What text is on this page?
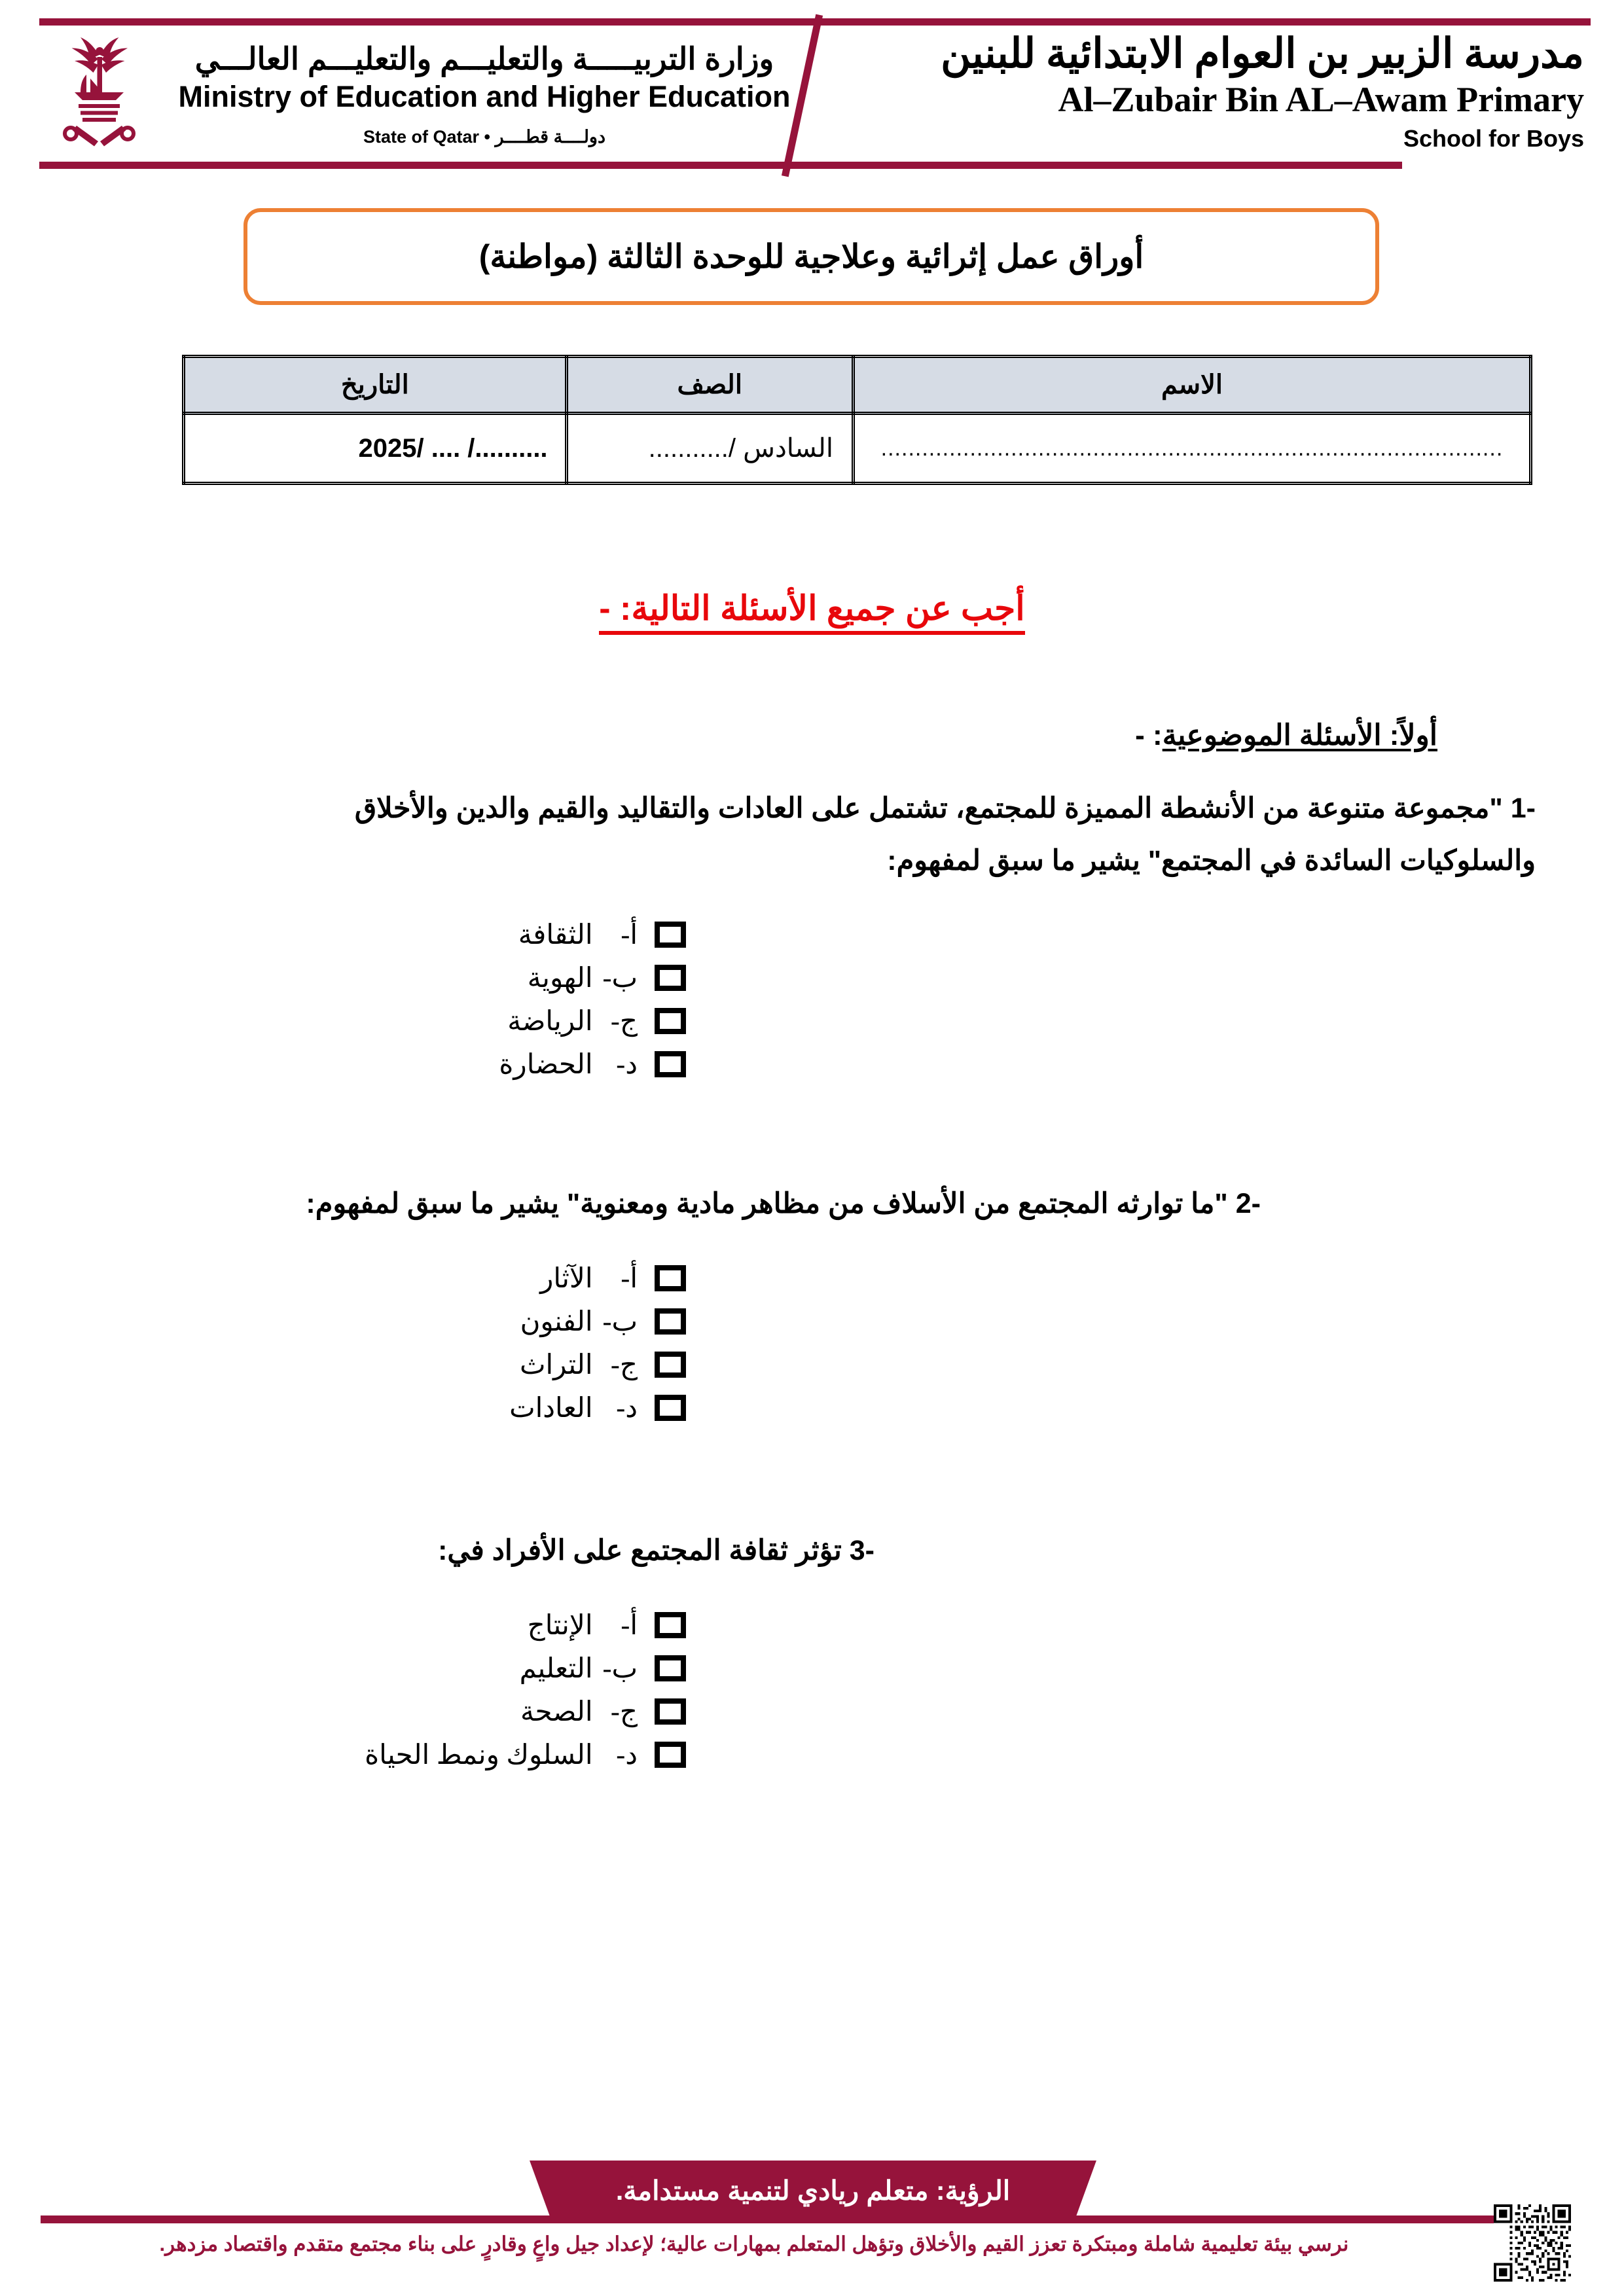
مدرسة الزبير بن العوام الابتدائية للبنين
Al–Zubair Bin AL–Awam Primary
School for Boys
وزارة التربيـــــة والتعليـــم والتعليـــم العالـــي
Ministry of Education and Higher Education
دولــــة قطــــر • State of Qatar
أوراق عمل إثرائية وعلاجية للوحدة الثالثة (مواطنة)
الاسم	الصف	التاريخ

...........................................................................................	السادس /...........	........../ .... /2025
أجب عن جميع الأسئلة التالية: -
أولاً: الأسئلة الموضوعية: -
-1 "مجموعة متنوعة من الأنشطة المميزة للمجتمع، تشتمل على العادات والتقاليد والقيم والدين والأخلاق
والسلوكيات السائدة في المجتمع" يشير ما سبق لمفهوم:
أ- الثقافة
ب- الهوية
ج- الرياضة
د- الحضارة
-2 "ما توارثه المجتمع من الأسلاف من مظاهر مادية ومعنوية" يشير ما سبق لمفهوم:
أ- الآثار
ب- الفنون
ج- التراث
د- العادات
-3 تؤثر ثقافة المجتمع على الأفراد في:
أ- الإنتاج
ب- التعليم
ج- الصحة
د- السلوك ونمط الحياة
الرؤية: متعلم ريادي لتنمية مستدامة.
نرسي بيئة تعليمية شاملة ومبتكرة تعزز القيم والأخلاق وتؤهل المتعلم بمهارات عالية؛ لإعداد جيل واعٍ وقادرٍ على بناء مجتمع متقدم واقتصاد مزدهر.
